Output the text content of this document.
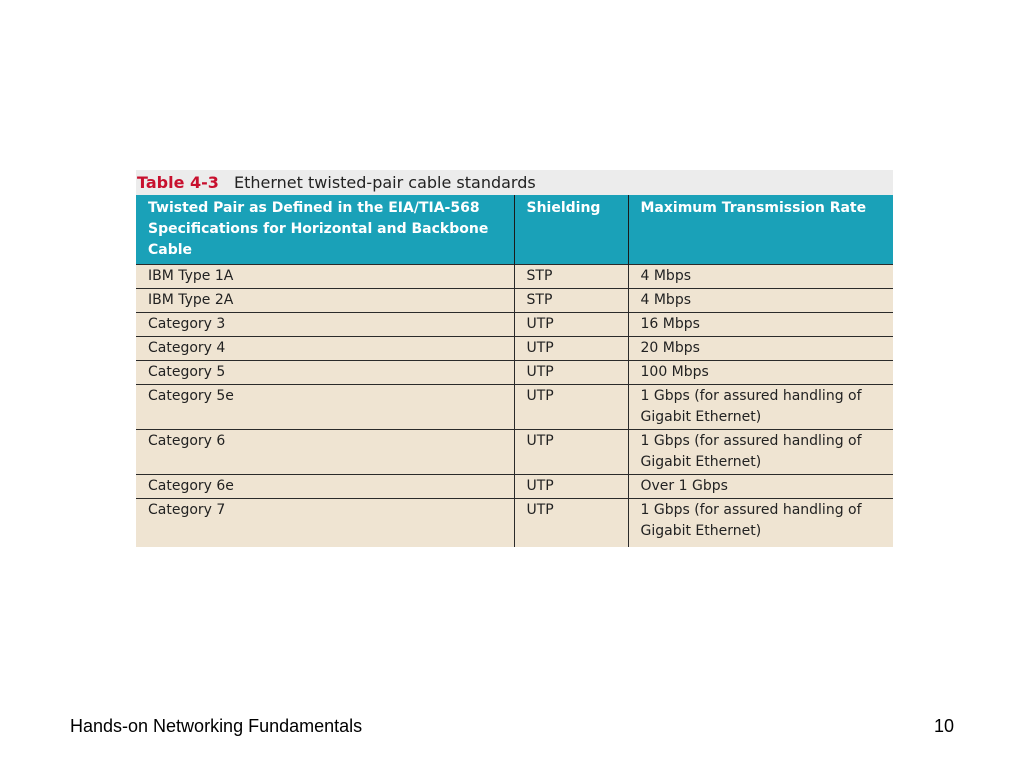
Table 4-3 Ethernet twisted-pair cable standards
Twisted Pair as Defined in the EIA/TIA-568 Specifications for Horizontal and Backbone Cable	Shielding	Maximum Transmission Rate
IBM Type 1A	STP	4 Mbps
IBM Type 2A	STP	4 Mbps
Category 3	UTP	16 Mbps
Category 4	UTP	20 Mbps
Category 5	UTP	100 Mbps
Category 5e	UTP	1 Gbps (for assured handling of Gigabit Ethernet)
Category 6	UTP	1 Gbps (for assured handling of Gigabit Ethernet)
Category 6e	UTP	Over 1 Gbps
Category 7	UTP	1 Gbps (for assured handling of Gigabit Ethernet)
Hands-on Networking Fundamentals	10
